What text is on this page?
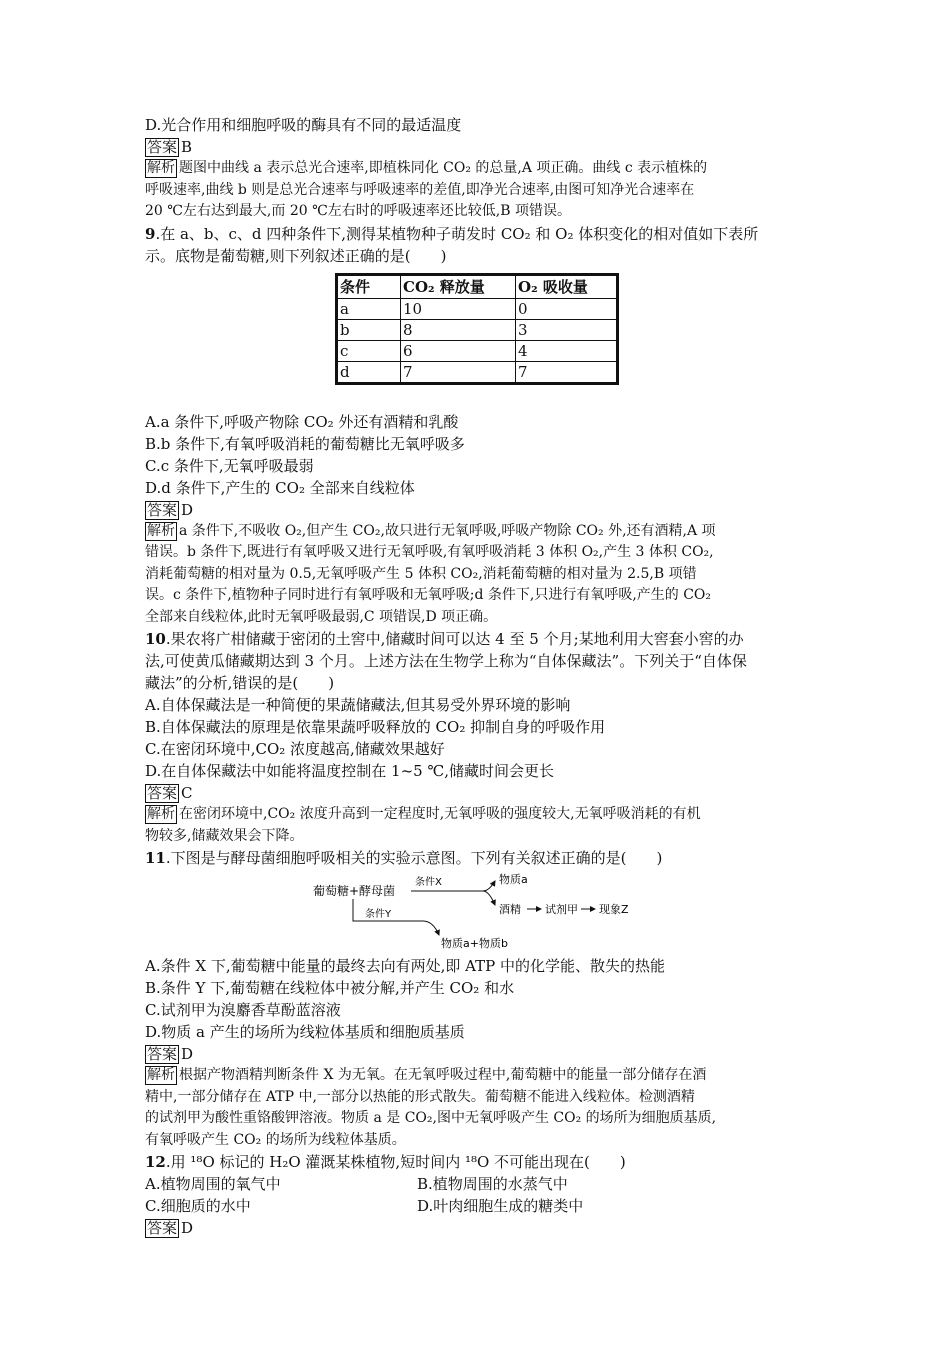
D.光合作用和细胞呼吸的酶具有不同的最适温度
答案 B
解析 题图中曲线 a 表示总光合速率,即植株同化 CO₂ 的总量,A 项正确。曲线 c 表示植株的
呼吸速率,曲线 b 则是总光合速率与呼吸速率的差值,即净光合速率,由图可知净光合速率在
20 ℃左右达到最大,而 20 ℃左右时的呼吸速率还比较低,B 项错误。
9.在 a、b、c、d 四种条件下,测得某植物种子萌发时 CO₂ 和 O₂ 体积变化的相对值如下表所
示。底物是葡萄糖,则下列叙述正确的是(　　)
条件	CO₂ 释放量	O₂ 吸收量
a	10	0
b	8	3
c	6	4
d	7	7
A.a 条件下,呼吸产物除 CO₂ 外还有酒精和乳酸
B.b 条件下,有氧呼吸消耗的葡萄糖比无氧呼吸多
C.c 条件下,无氧呼吸最弱
D.d 条件下,产生的 CO₂ 全部来自线粒体
答案 D
解析 a 条件下,不吸收 O₂,但产生 CO₂,故只进行无氧呼吸,呼吸产物除 CO₂ 外,还有酒精,A 项
错误。b 条件下,既进行有氧呼吸又进行无氧呼吸,有氧呼吸消耗 3 体积 O₂,产生 3 体积 CO₂,
消耗葡萄糖的相对量为 0.5,无氧呼吸产生 5 体积 CO₂,消耗葡萄糖的相对量为 2.5,B 项错
误。c 条件下,植物种子同时进行有氧呼吸和无氧呼吸;d 条件下,只进行有氧呼吸,产生的 CO₂
全部来自线粒体,此时无氧呼吸最弱,C 项错误,D 项正确。
10.果农将广柑储藏于密闭的土窖中,储藏时间可以达 4 至 5 个月;某地利用大窖套小窖的办
法,可使黄瓜储藏期达到 3 个月。上述方法在生物学上称为“自体保藏法”。下列关于“自体保
藏法”的分析,错误的是(　　)
A.自体保藏法是一种简便的果蔬储藏法,但其易受外界环境的影响
B.自体保藏法的原理是依靠果蔬呼吸释放的 CO₂ 抑制自身的呼吸作用
C.在密闭环境中,CO₂ 浓度越高,储藏效果越好
D.在自体保藏法中如能将温度控制在 1~5 ℃,储藏时间会更长
答案 C
解析 在密闭环境中,CO₂ 浓度升高到一定程度时,无氧呼吸的强度较大,无氧呼吸消耗的有机
物较多,储藏效果会下降。
11.下图是与酵母菌细胞呼吸相关的实验示意图。下列有关叙述正确的是(　　)
葡萄糖+酵母菌
条件X	物质a
酒精 试剂甲 现象Z
条件Y
物质a+物质b
A.条件 X 下,葡萄糖中能量的最终去向有两处,即 ATP 中的化学能、散失的热能
B.条件 Y 下,葡萄糖在线粒体中被分解,并产生 CO₂ 和水
C.试剂甲为溴麝香草酚蓝溶液
D.物质 a 产生的场所为线粒体基质和细胞质基质
答案 D
解析 根据产物酒精判断条件 X 为无氧。在无氧呼吸过程中,葡萄糖中的能量一部分储存在酒
精中,一部分储存在 ATP 中,一部分以热能的形式散失。葡萄糖不能进入线粒体。检测酒精
的试剂甲为酸性重铬酸钾溶液。物质 a 是 CO₂,图中无氧呼吸产生 CO₂ 的场所为细胞质基质,
有氧呼吸产生 CO₂ 的场所为线粒体基质。
12.用 ¹⁸O 标记的 H₂O 灌溉某株植物,短时间内 ¹⁸O 不可能出现在(　　)
A.植物周围的氧气中	B.植物周围的水蒸气中
C.细胞质的水中	D.叶肉细胞生成的糖类中
答案 D
